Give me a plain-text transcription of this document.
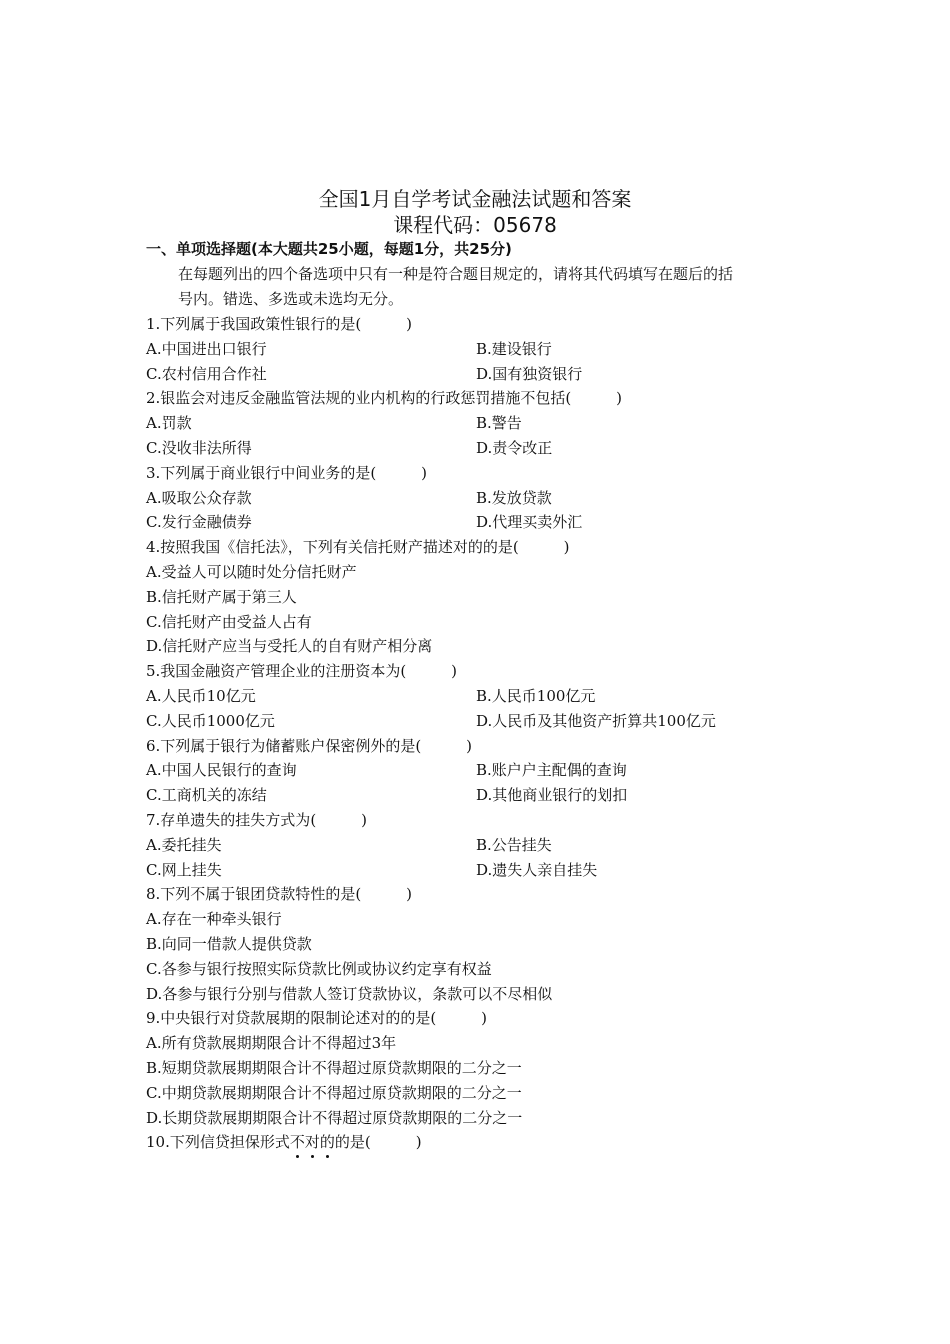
全国1月自学考试金融法试题和答案
课程代码：05678
一、单项选择题(本大题共25小题，每题1分，共25分)
在每题列出的四个备选项中只有一种是符合题目规定的，请将其代码填写在题后的括
号内。错选、多选或未选均无分。
1.下列属于我国政策性银行的是(　　　)
A.中国进出口银行	B.建设银行
C.农村信用合作社	D.国有独资银行
2.银监会对违反金融监管法规的业内机构的行政惩罚措施不包括(　　　)
A.罚款	B.警告
C.没收非法所得	D.责令改正
3.下列属于商业银行中间业务的是(　　　)
A.吸取公众存款	B.发放贷款
C.发行金融债券	D.代理买卖外汇
4.按照我国《信托法》，下列有关信托财产描述对的的是(　　　)
A.受益人可以随时处分信托财产
B.信托财产属于第三人
C.信托财产由受益人占有
D.信托财产应当与受托人的自有财产相分离
5.我国金融资产管理企业的注册资本为(　　　)
A.人民币10亿元	B.人民币100亿元
C.人民币1000亿元	D.人民币及其他资产折算共100亿元
6.下列属于银行为储蓄账户保密例外的是(　　　)
A.中国人民银行的查询	B.账户户主配偶的查询
C.工商机关的冻结	D.其他商业银行的划扣
7.存单遗失的挂失方式为(　　　)
A.委托挂失	B.公告挂失
C.网上挂失	D.遗失人亲自挂失
8.下列不属于银团贷款特性的是(　　　)
A.存在一种牵头银行
B.向同一借款人提供贷款
C.各参与银行按照实际贷款比例或协议约定享有权益
D.各参与银行分别与借款人签订贷款协议，条款可以不尽相似
9.中央银行对贷款展期的限制论述对的的是(　　　)
A.所有贷款展期期限合计不得超过3年
B.短期贷款展期期限合计不得超过原贷款期限的二分之一
C.中期贷款展期期限合计不得超过原贷款期限的二分之一
D.长期贷款展期期限合计不得超过原贷款期限的二分之一
10.下列信贷担保形式不对的的是(　　　)
